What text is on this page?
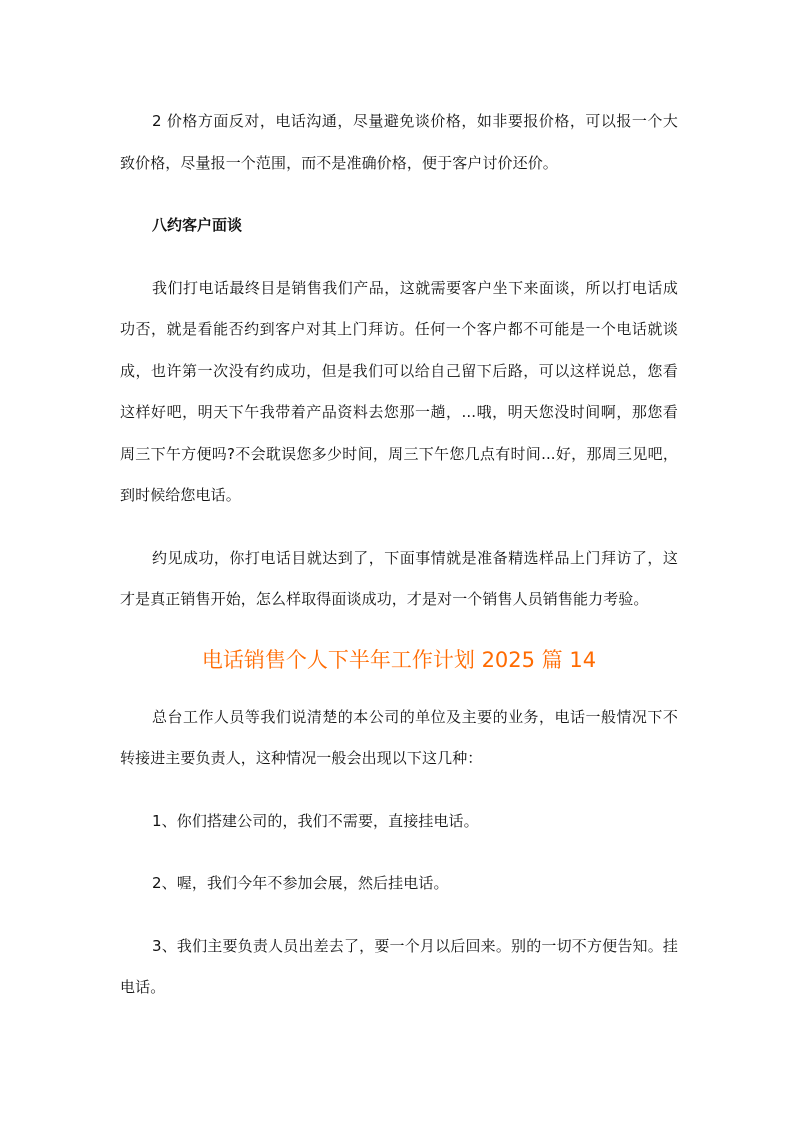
2 价格方面反对，电话沟通，尽量避免谈价格，如非要报价格，可以报一个大致价格，尽量报一个范围，而不是准确价格，便于客户讨价还价。

八约客户面谈

我们打电话最终目是销售我们产品，这就需要客户坐下来面谈，所以打电话成功否，就是看能否约到客户对其上门拜访。任何一个客户都不可能是一个电话就谈成，也许第一次没有约成功，但是我们可以给自己留下后路，可以这样说总，您看这样好吧，明天下午我带着产品资料去您那一趟，...哦，明天您没时间啊，那您看周三下午方便吗?不会耽误您多少时间，周三下午您几点有时间...好，那周三见吧，到时候给您电话。

约见成功，你打电话目就达到了，下面事情就是准备精选样品上门拜访了，这才是真正销售开始，怎么样取得面谈成功，才是对一个销售人员销售能力考验。

电话销售个人下半年工作计划 2025 篇 14

总台工作人员等我们说清楚的本公司的单位及主要的业务，电话一般情况下不转接进主要负责人，这种情况一般会出现以下这几种：

1、你们搭建公司的，我们不需要，直接挂电话。

2、喔，我们今年不参加会展，然后挂电话。

3、我们主要负责人员出差去了，要一个月以后回来。别的一切不方便告知。挂电话。
